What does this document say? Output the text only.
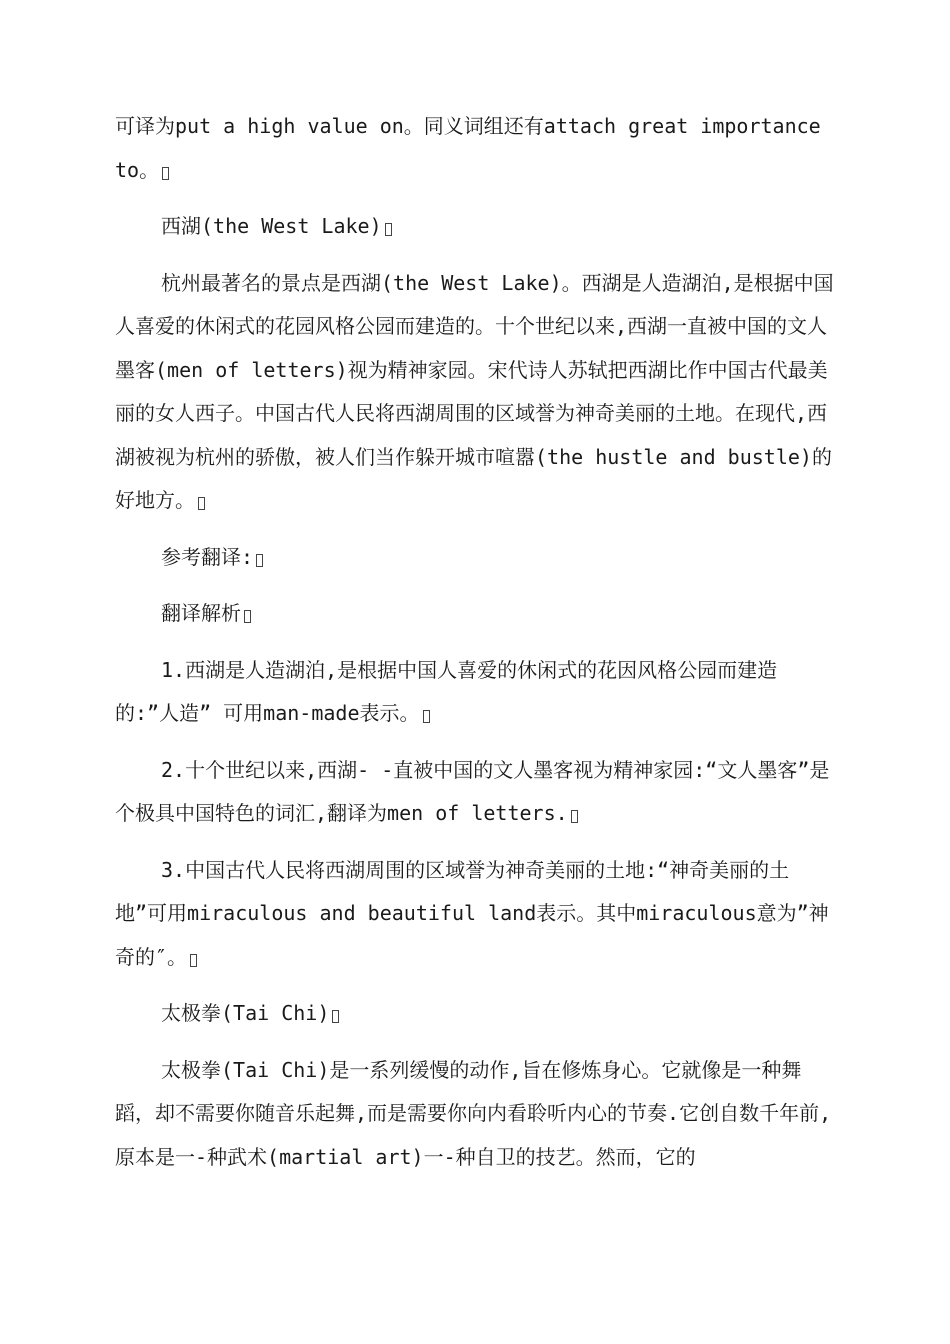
可译为put a high value on。同义词组还有attach great importance to。

西湖(the West Lake)

杭州最著名的景点是西湖(the West Lake)。西湖是人造湖泊,是根据中国人喜爱的休闲式的花园风格公园而建造的。十个世纪以来,西湖一直被中国的文人墨客(men of letters)视为精神家园。宋代诗人苏轼把西湖比作中国古代最美丽的女人西子。中国古代人民将西湖周围的区域誉为神奇美丽的土地。在现代,西湖被视为杭州的骄傲，被人们当作躲开城市喧嚣(the hustle and bustle)的好地方。

参考翻译:

翻译解析

1.西湖是人造湖泊,是根据中国人喜爱的休闲式的花因风格公园而建造的:”人造” 可用man-made表示。

2.十个世纪以来,西湖- -直被中国的文人墨客视为精神家园:“文人墨客”是个极具中国特色的词汇,翻译为men of letters.

3.中国古代人民将西湖周围的区域誉为神奇美丽的土地:“神奇美丽的土地”可用miraculous and beautiful land表示。其中miraculous意为”神奇的″。

太极拳(Tai Chi)

太极拳(Tai Chi)是一系列缓慢的动作,旨在修炼身心。它就像是一种舞蹈，却不需要你随音乐起舞,而是需要你向内看聆听内心的节奏.它创自数千年前,原本是一-种武术(martial art)一-种自卫的技艺。然而，它的
